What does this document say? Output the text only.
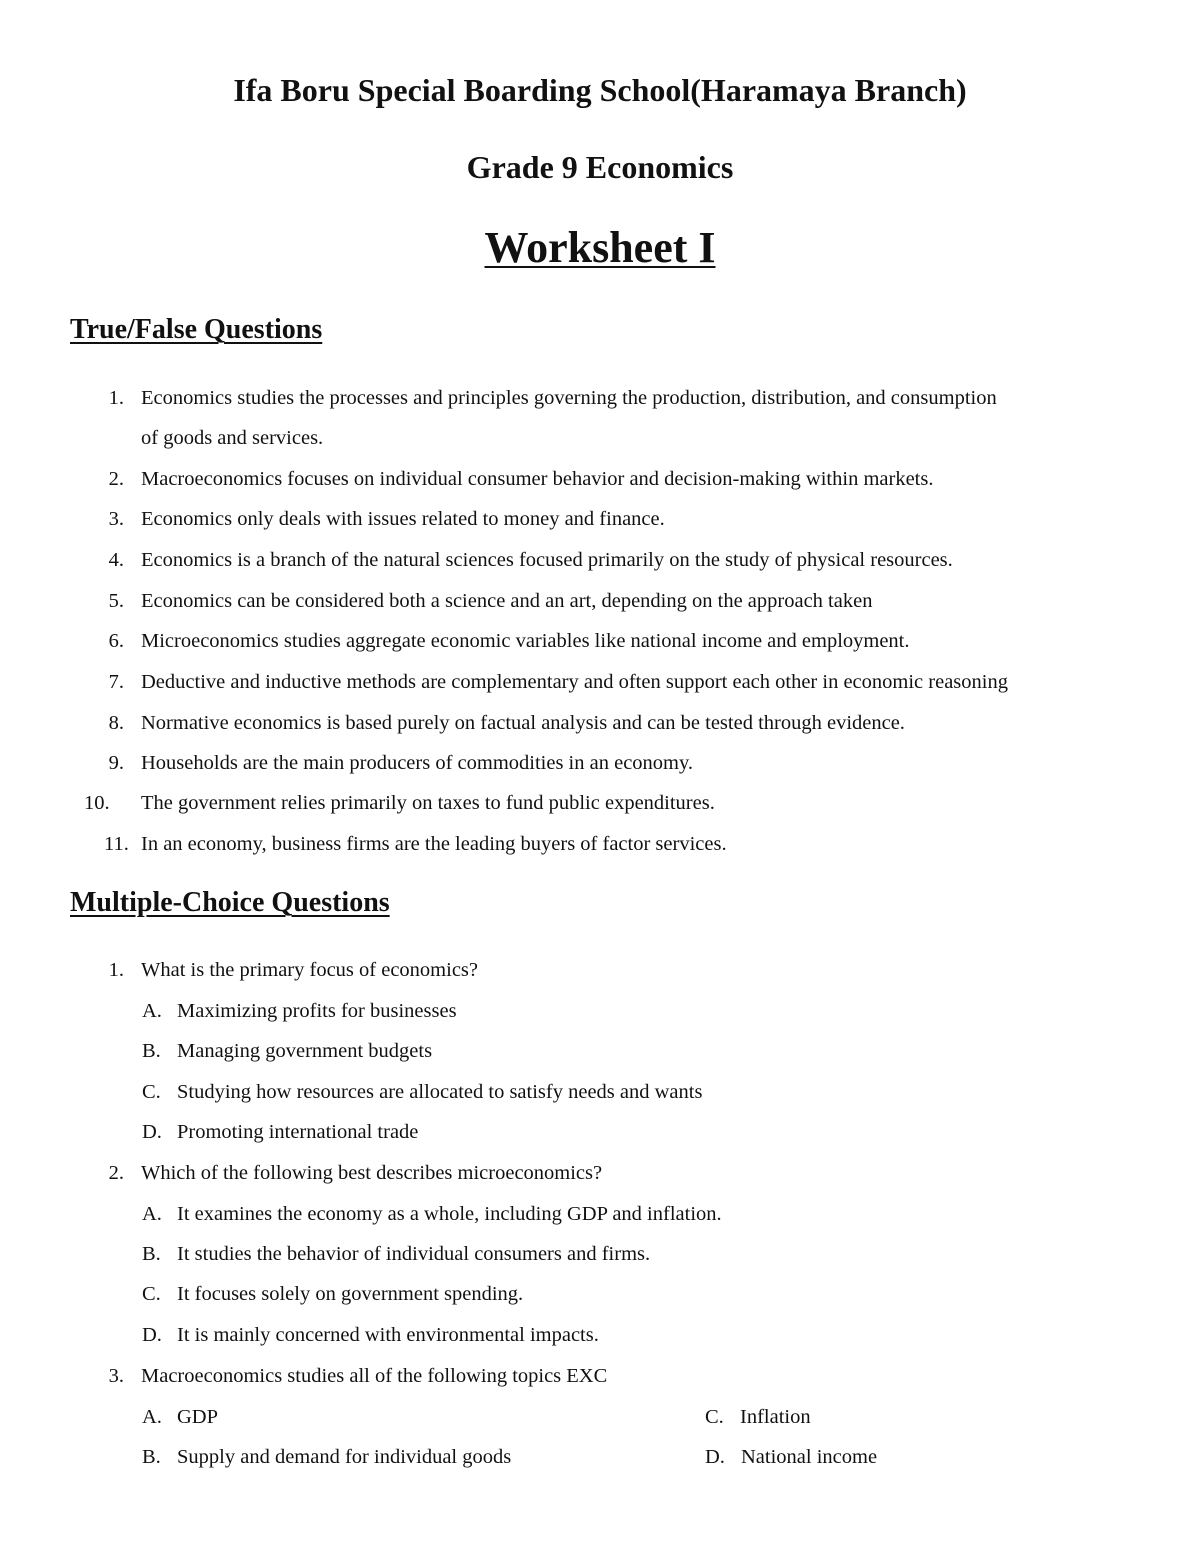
Ifa Boru Special Boarding School(Haramaya Branch)
Grade 9 Economics
Worksheet I
True/False Questions
1. Economics studies the processes and principles governing the production, distribution, and consumption
of goods and services.
2. Macroeconomics focuses on individual consumer behavior and decision-making within markets.
3. Economics only deals with issues related to money and finance.
4. Economics is a branch of the natural sciences focused primarily on the study of physical resources.
5. Economics can be considered both a science and an art, depending on the approach taken
6. Microeconomics studies aggregate economic variables like national income and employment.
7. Deductive and inductive methods are complementary and often support each other in economic reasoning
8. Normative economics is based purely on factual analysis and can be tested through evidence.
9. Households are the main producers of commodities in an economy.
10.	The government relies primarily on taxes to fund public expenditures.
11. In an economy, business firms are the leading buyers of factor services.
Multiple-Choice Questions
1. What is the primary focus of economics?
A. Maximizing profits for businesses
B. Managing government budgets
C. Studying how resources are allocated to satisfy needs and wants
D. Promoting international trade
2. Which of the following best describes microeconomics?
A. It examines the economy as a whole, including GDP and inflation.
B. It studies the behavior of individual consumers and firms.
C. It focuses solely on government spending.
D. It is mainly concerned with environmental impacts.
3. Macroeconomics studies all of the following topics EXC
A. GDP	C. Inflation
B. Supply and demand for individual goods	D. National income
